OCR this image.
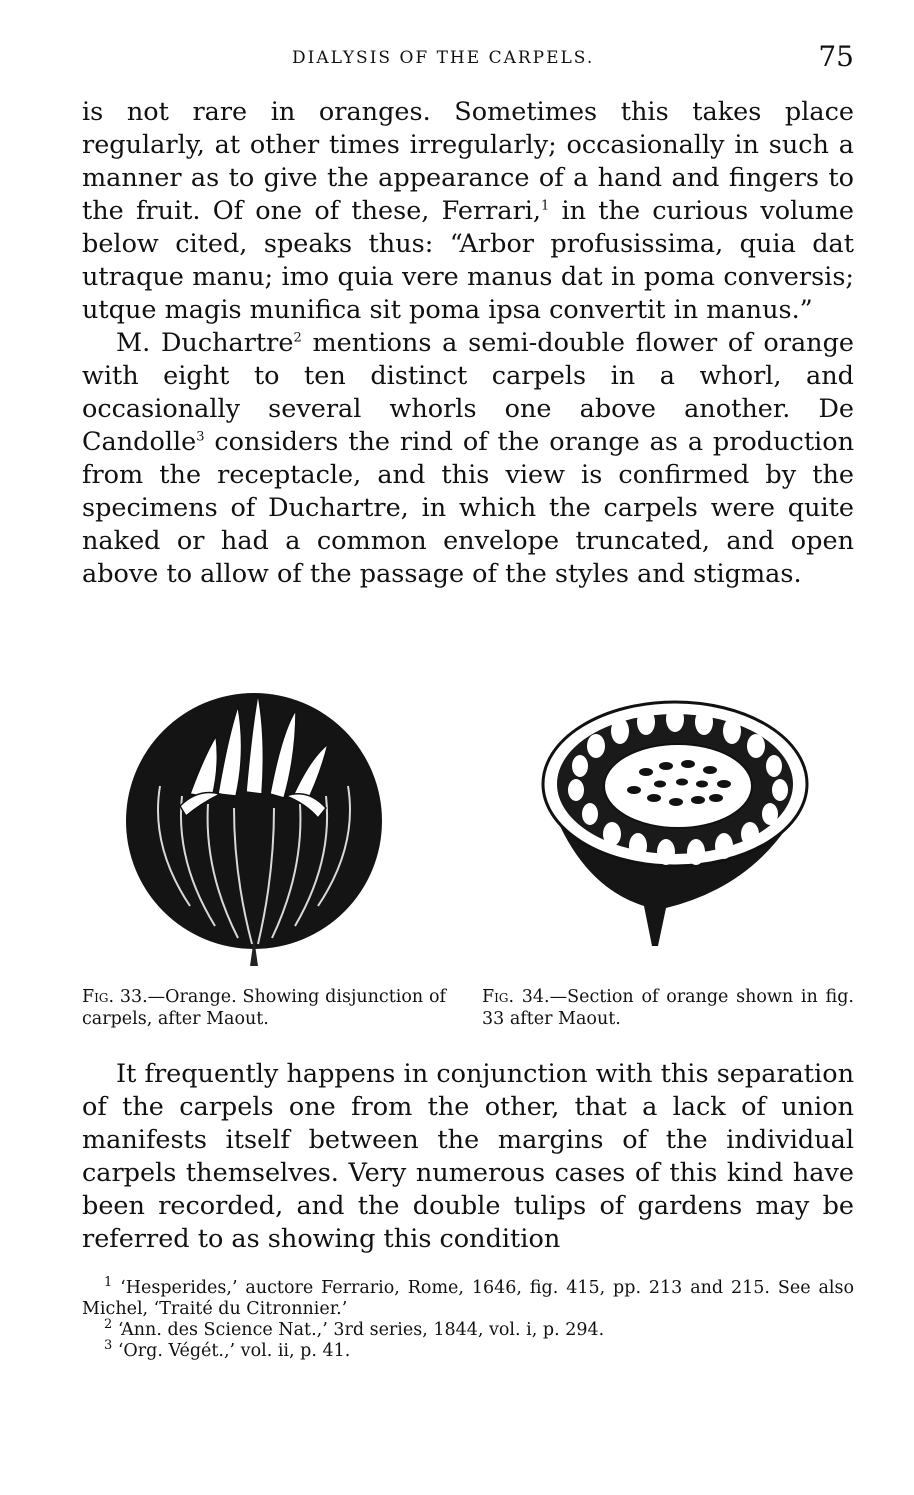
DIALYSIS OF THE CARPELS.	75

is not rare in oranges. Sometimes this takes place regularly, at other times irregularly; occasionally in such a manner as to give the appearance of a hand and fingers to the fruit. Of one of these, Ferrari,$^1$ in the curious volume below cited, speaks thus: “Arbor profusissima, quia dat utraque manu; imo quia vere manus dat in poma conversis; utque magis munifica sit poma ipsa convertit in manus.”

M. Duchartre$^2$ mentions a semi-double flower of orange with eight to ten distinct carpels in a whorl, and occasionally several whorls one above another. De Candolle$^3$ considers the rind of the orange as a production from the receptacle, and this view is confirmed by the specimens of Duchartre, in which the carpels were quite naked or had a common envelope truncated, and open above to allow of the passage of the styles and stigmas.

Fig. 33.—Orange. Showing disjunction of carpels, after Maout.
Fig. 34.—Section of orange shown in fig. 33 after Maout.

It frequently happens in conjunction with this separation of the carpels one from the other, that a lack of union manifests itself between the margins of the individual carpels themselves. Very numerous cases of this kind have been recorded, and the double tulips of gardens may be referred to as showing this condition

$^1$ ‘Hesperides,’ auctore Ferrario, Rome, 1646, fig. 415, pp. 213 and 215. See also Michel, ‘Traité du Citronnier.’

$^2$ ‘Ann. des Science Nat.,’ 3rd series, 1844, vol. i, p. 294.

$^3$ ‘Org. Végét.,’ vol. ii, p. 41.
